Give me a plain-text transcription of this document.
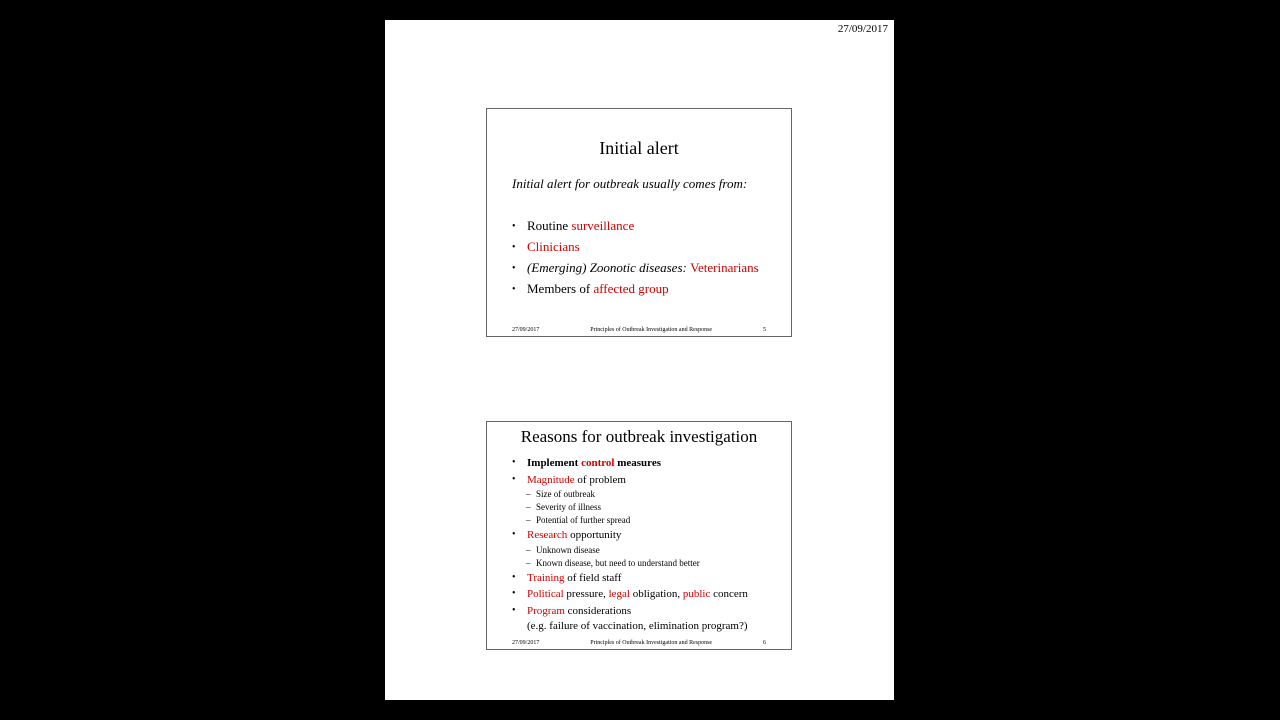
27/09/2017
Initial alert
Initial alert for outbreak usually comes from:
• Routine surveillance
• Clinicians
• (Emerging) Zoonotic diseases: Veterinarians
• Members of affected group
27/09/2017	Principles of Outbreak Investigation and Response	5
Reasons for outbreak investigation
• Implement control measures
• Magnitude of problem
– Size of outbreak
– Severity of illness
– Potential of further spread
• Research opportunity
– Unknown disease
– Known disease, but need to understand better
• Training of field staff
• Political pressure, legal obligation, public concern
• Program considerations
(e.g. failure of vaccination, elimination program?)
27/09/2017	Principles of Outbreak Investigation and Response	6
